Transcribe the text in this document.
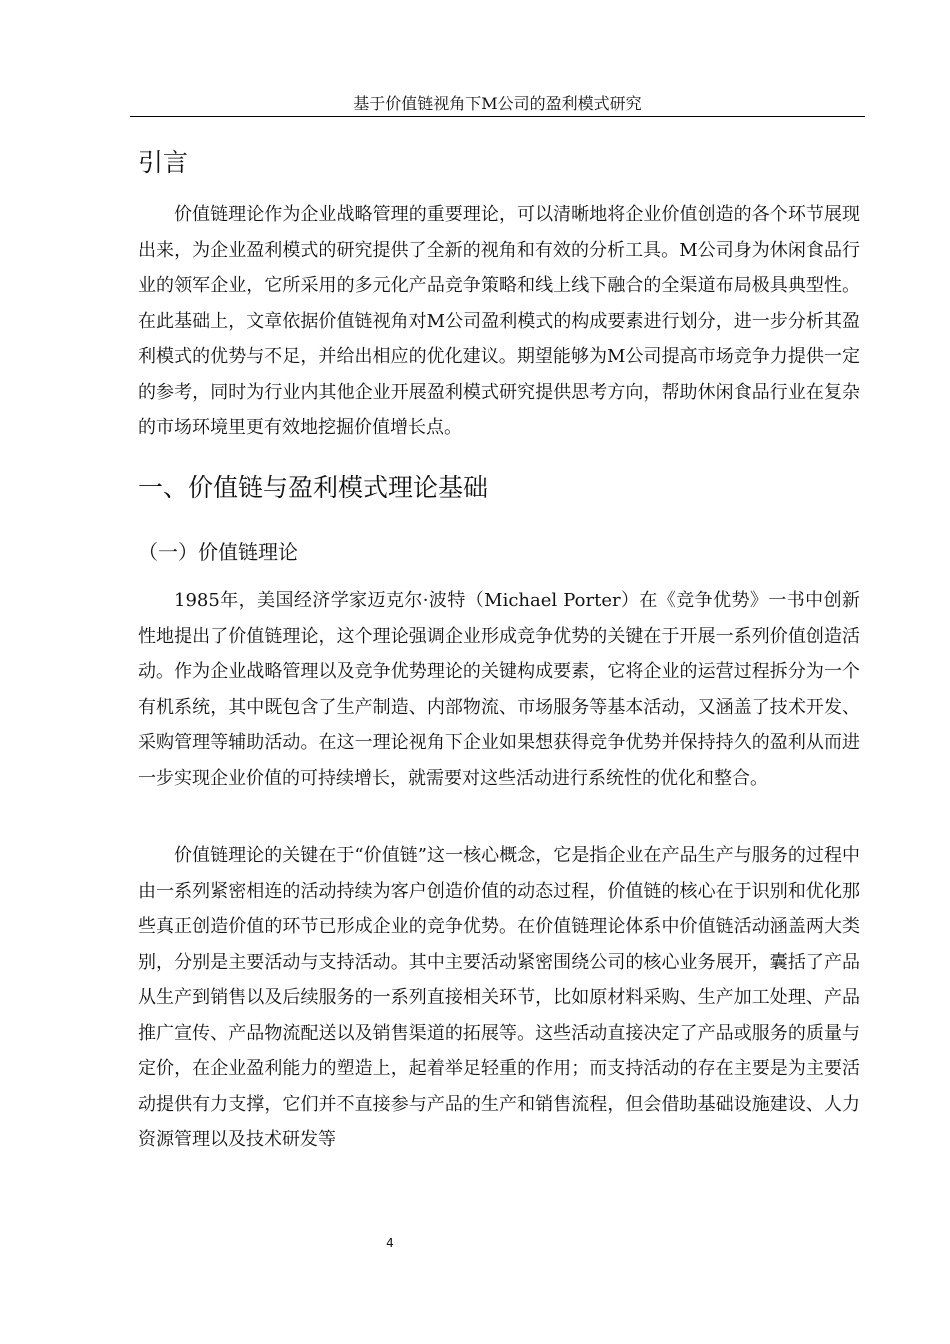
基于价值链视角下M公司的盈利模式研究
引言

价值链理论作为企业战略管理的重要理论，可以清晰地将企业价值创造的各个环节展现出来，为企业盈利模式的研究提供了全新的视角和有效的分析工具。M公司身为休闲食品行业的领军企业，它所采用的多元化产品竞争策略和线上线下融合的全渠道布局极具典型性。在此基础上，文章依据价值链视角对M公司盈利模式的构成要素进行划分，进一步分析其盈利模式的优势与不足，并给出相应的优化建议。期望能够为M公司提高市场竞争力提供一定的参考，同时为行业内其他企业开展盈利模式研究提供思考方向，帮助休闲食品行业在复杂的市场环境里更有效地挖掘价值增长点。

一、价值链与盈利模式理论基础
（一）价值链理论

1985年，美国经济学家迈克尔·波特（Michael Porter）在《竞争优势》一书中创新性地提出了价值链理论，这个理论强调企业形成竞争优势的关键在于开展一系列价值创造活动。作为企业战略管理以及竞争优势理论的关键构成要素，它将企业的运营过程拆分为一个有机系统，其中既包含了生产制造、内部物流、市场服务等基本活动，又涵盖了技术开发、采购管理等辅助活动。在这一理论视角下企业如果想获得竞争优势并保持持久的盈利从而进一步实现企业价值的可持续增长，就需要对这些活动进行系统性的优化和整合。

价值链理论的关键在于“价值链”这一核心概念，它是指企业在产品生产与服务的过程中由一系列紧密相连的活动持续为客户创造价值的动态过程，价值链的核心在于识别和优化那些真正创造价值的环节已形成企业的竞争优势。在价值链理论体系中价值链活动涵盖两大类别，分别是主要活动与支持活动。其中主要活动紧密围绕公司的核心业务展开，囊括了产品从生产到销售以及后续服务的一系列直接相关环节，比如原材料采购、生产加工处理、产品推广宣传、产品物流配送以及销售渠道的拓展等。这些活动直接决定了产品或服务的质量与定价，在企业盈利能力的塑造上，起着举足轻重的作用；而支持活动的存在主要是为主要活动提供有力支撑，它们并不直接参与产品的生产和销售流程，但会借助基础设施建设、人力资源管理以及技术研发等

4
